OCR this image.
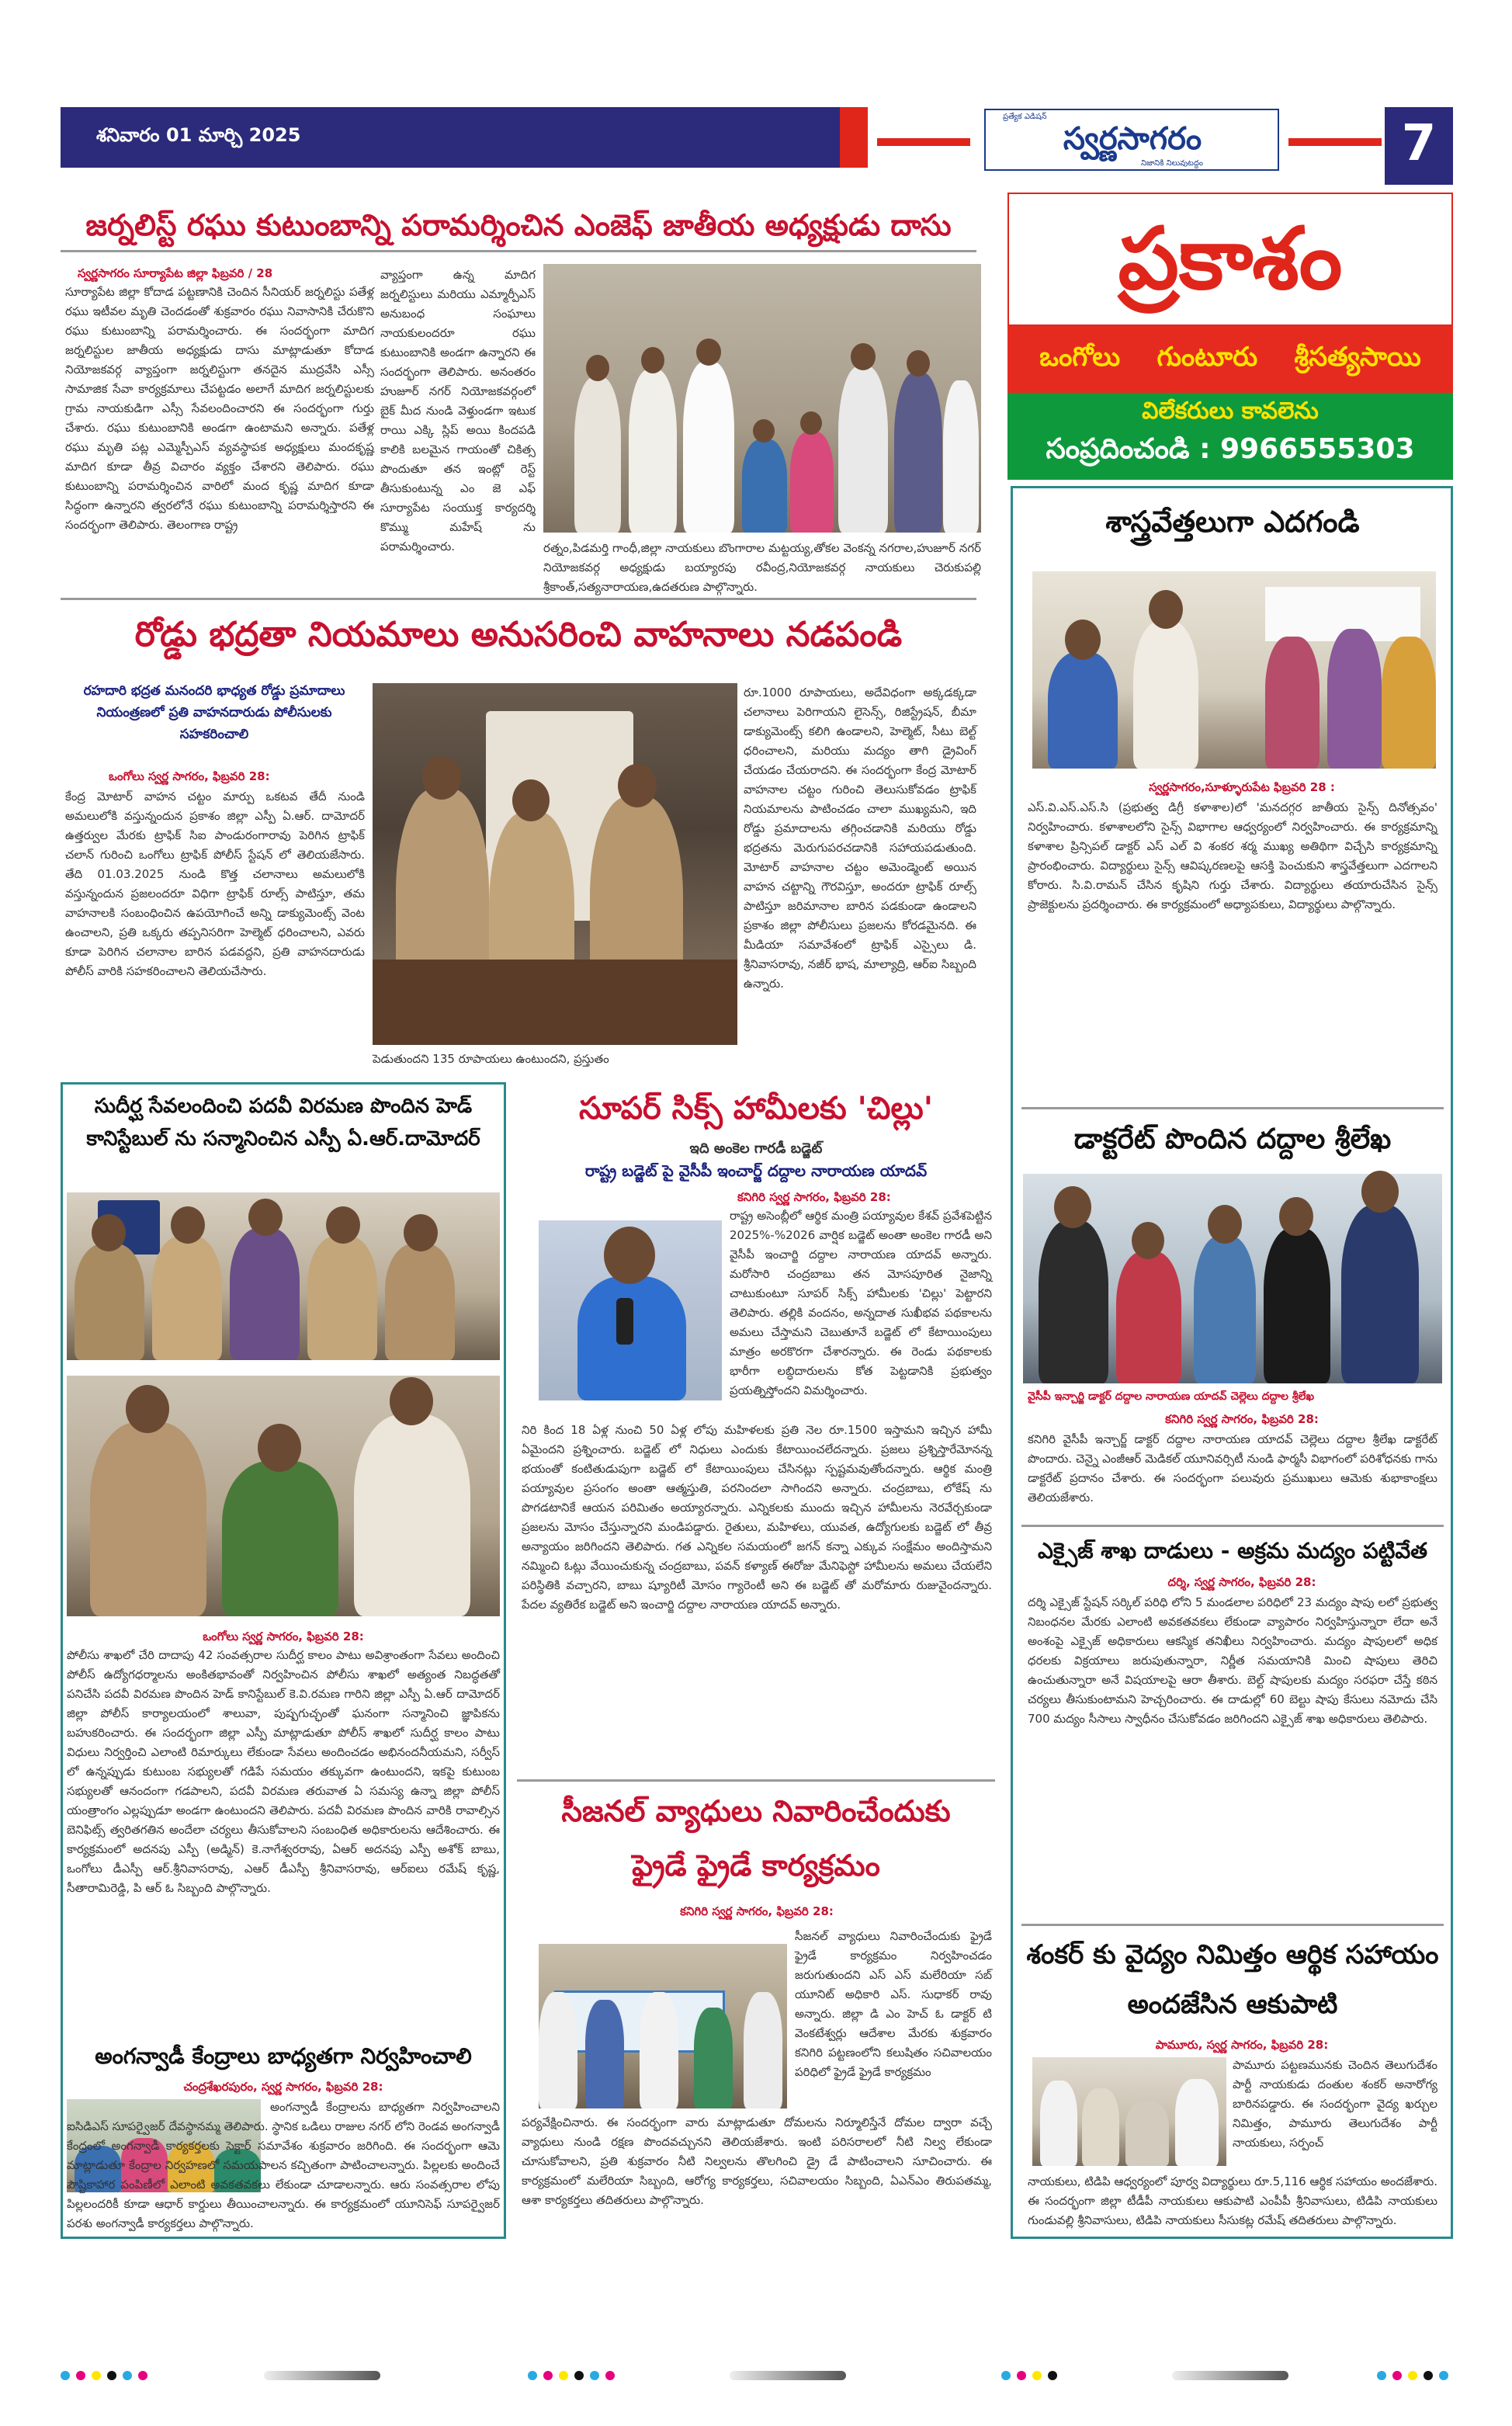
శనివారం 01 మార్చి 2025
ప్రత్యేక ఎడిషన్
స్వర్ణసాగరం
నిజానికి నిలువుటద్దం	7
జర్నలిస్ట్ రఘు కుటుంబాన్ని పరామర్శించిన ఎంజెఫ్ జాతీయ అధ్యక్షుడు దాసు
స్వర్ణసాగరం సూర్యాపేట జిల్లా ఫిబ్రవరి / 28
సూర్యాపేట జిల్లా కోదాడ పట్టణానికి చెందిన సీనియర్ జర్నలిస్టు పతేళ్ల రఘు ఇటీవల మృతి చెందడంతో శుక్రవారం రఘు నివాసానికి చేరుకొని రఘు కుటుంబాన్ని పరామర్శించారు. ఈ సందర్భంగా మాదిగ జర్నలిస్టుల జాతీయ అధ్యక్షుడు దాసు మాట్లాడుతూ కోదాడ నియోజకవర్గ వ్యాప్తంగా జర్నలిస్టుగా తనదైన ముద్రవేసి ఎస్సీ సామాజిక సేవా కార్యక్రమాలు చేపట్టడం అలాగే మాదిగ జర్నలిస్టులకు గ్రామ నాయకుడిగా ఎస్సీ సేవలందించారని ఈ సందర్భంగా గుర్తు చేశారు. రఘు కుటుంబానికి అండగా ఉంటామని అన్నారు. పతేళ్ల రఘు మృతి పట్ల ఎమ్మెస్పీఎస్ వ్యవస్థాపక అధ్యక్షులు మందకృష్ణ మాదిగ కూడా తీవ్ర విచారం వ్యక్తం చేశారని తెలిపారు. రఘు కుటుంబాన్ని పరామర్శించిన వారిలో మంద కృష్ణ మాదిగ కూడా సిద్ధంగా ఉన్నారని త్వరలోనే రఘు కుటుంబాన్ని పరామర్శిస్తారని ఈ సందర్భంగా తెలిపారు. తెలంగాణ రాష్ట్ర
వ్యాప్తంగా ఉన్న మాదిగ జర్నలిస్టులు మరియు ఎమ్మార్పీఎస్ అనుబంధ సంఘాలు నాయకులందరూ రఘు కుటుంబానికి అండగా ఉన్నారని ఈ సందర్భంగా తెలిపారు. అనంతరం హుజూర్ నగర్ నియోజకవర్గంలో బైక్ మీద నుండి వెళ్తుండగా ఇటుక రాయి ఎక్కి స్లిప్ అయి కిందపడి కాలికి బలమైన గాయంతో చికిత్స పొందుతూ తన ఇంట్లో రెస్ట్ తీసుకుంటున్న ఎం జె ఎఫ్ సూర్యాపేట సంయుక్త కార్యదర్శి కొమ్ము మహేష్ ను పరామర్శించారు.	రత్నం,పిడమర్తి గాంధీ,జిల్లా నాయకులు బొంగారాల మట్టయ్య,తోకల వెంకన్న నగరాల,హుజూర్ నగర్ నియోజకవర్గ అధ్యక్షుడు బయ్యారపు రవీంద్ర,నియోజకవర్గ నాయకులు చెరుకుపల్లి శ్రీకాంత్,సత్యనారాయణ,ఉదతరుణ పాల్గొన్నారు.
ప్రకాశం
ఒంగోలు    గుంటూరు    శ్రీసత్యసాయి
విలేకరులు కావలెను
సంప్రదించండి : 9966555303
రోడ్డు భద్రతా నియమాలు అనుసరించి వాహనాలు నడపండి
రహదారి భద్రత మనందరి భాధ్యత రోడ్డు ప్రమాదాలు నియంత్రణలో ప్రతి వాహనదారుడు పోలీసులకు సహకరించాలి
ఒంగోలు స్వర్ణ సాగరం, ఫిబ్రవరి 28:
కేంద్ర మోటార్ వాహన చట్టం మార్పు ఒకటవ తేదీ నుండి అమలులోకి వస్తున్నందున ప్రకాశం జిల్లా ఎస్పీ ఏ.ఆర్. దామోదర్ ఉత్తర్వుల మేరకు ట్రాఫిక్ సిఐ పాండురంగారావు పెరిగిన ట్రాఫిక్ చలాన్ గురించి ఒంగోలు ట్రాఫిక్ పోలీస్ స్టేషన్ లో తెలియజేసారు. తేది 01.03.2025 నుండి కొత్త చలానాలు అమలులోకి వస్తున్నందున ప్రజలందరూ విధిగా ట్రాఫిక్ రూల్స్ పాటిస్తూ, తమ వాహనాలకి సంబంధించిన ఉపయోగించే అన్ని డాక్యుమెంట్స్ వెంట ఉంచాలని, ప్రతి ఒక్కరు తప్పనిసరిగా హెల్మెట్ ధరించాలని, ఎవరు కూడా పెరిగిన చలానాల బారిన పడవద్దని, ప్రతి వాహనదారుడు పోలీస్ వారికి సహకరించాలని తెలియచేసారు.
పెడుతుందని 135 రూపాయలు ఉంటుందని, ప్రస్తుతం
రూ.1000 రూపాయలు, అదేవిధంగా అక్కడక్కడా చలానాలు పెరిగాయని లైసెన్స్, రిజిస్ట్రేషన్, బీమా డాక్యుమెంట్స్ కలిగి ఉండాలని, హెల్మెట్, సీటు బెల్ట్ ధరించాలని, మరియు మద్యం తాగి డ్రైవింగ్ చేయడం చేయరాదని. ఈ సందర్భంగా కేంద్ర మోటార్ వాహనాల చట్టం గురించి తెలుసుకోవడం ట్రాఫిక్ నియమాలను పాటించడం చాలా ముఖ్యమని, ఇది రోడ్డు ప్రమాదాలను తగ్గించడానికి మరియు రోడ్డు భద్రతను మెరుగుపరచడానికి సహాయపడుతుంది. మోటార్ వాహనాల చట్టం అమెండ్మెంట్ అయిన వాహన చట్టాన్ని గౌరవిస్తూ, అందరూ ట్రాఫిక్ రూల్స్ పాటిస్తూ జరిమానాల బారిన పడకుండా ఉండాలని ప్రకాశం జిల్లా పోలీసులు ప్రజలను కోరడమైనది. ఈ మీడియా సమావేశంలో ట్రాఫిక్ ఎస్సైలు డి. శ్రీనివాసరావు, నజీర్ భాష, మాల్యాద్రి, ఆర్ఐ సిబ్బంది ఉన్నారు.
శాస్త్రవేత్తలుగా ఎదగండి
స్వర్ణసాగరం,సూళ్ళూరుపేట ఫిబ్రవరి 28 :
ఎస్.వి.ఎస్.ఎస్.సి (ప్రభుత్వ డిగ్రీ కళాశాల)లో 'మనదగ్గర జాతీయ సైన్స్ దినోత్సవం' నిర్వహించారు. కళాశాలలోని సైన్స్ విభాగాల ఆధ్వర్యంలో నిర్వహించారు. ఈ కార్యక్రమాన్ని కళాశాల ప్రిన్సిపల్ డాక్టర్ ఎస్ ఎల్ వి శంకర శర్మ ముఖ్య అతిథిగా విచ్చేసి కార్యక్రమాన్ని ప్రారంభించారు. విద్యార్థులు సైన్స్ ఆవిష్కరణలపై ఆసక్తి పెంచుకుని శాస్త్రవేత్తలుగా ఎదగాలని కోరారు. సి.వి.రామన్ చేసిన కృషిని గుర్తు చేశారు. విద్యార్థులు తయారుచేసిన సైన్స్ ప్రాజెక్టులను ప్రదర్శించారు. ఈ కార్యక్రమంలో అధ్యాపకులు, విద్యార్థులు పాల్గొన్నారు.
డాక్టరేట్ పొందిన దద్దాల శ్రీలేఖ
వైసీపీ ఇన్చార్జి డాక్టర్ దద్దాల నారాయణ యాదవ్ చెల్లెలు దద్దాల శ్రీలేఖ
కనిగిరి స్వర్ణ సాగరం, ఫిబ్రవరి 28:
కనిగిరి వైసీపీ ఇన్చార్జ్ డాక్టర్ దద్దాల నారాయణ యాదవ్ చెల్లెలు దద్దాల శ్రీలేఖ డాక్టరేట్ పొందారు. చెన్నై ఎంజీఆర్ మెడికల్ యూనివర్సిటీ నుండి ఫార్మసీ విభాగంలో పరిశోధనకు గాను డాక్టరేట్ ప్రదానం చేశారు. ఈ సందర్భంగా పలువురు ప్రముఖులు ఆమెకు శుభాకాంక్షలు తెలియజేశారు.
ఎక్సైజ్ శాఖ దాడులు - అక్రమ మద్యం పట్టివేత
దర్శి, స్వర్ణ సాగరం, ఫిబ్రవరి 28:
దర్శి ఎక్సైజ్ స్టేషన్ సర్కిల్ పరిధి లోని 5 మండలాల పరిధిలో 23 మద్యం షాపు లలో ప్రభుత్వ నిబంధనల మేరకు ఎలాంటి అవకతవకలు లేకుండా వ్యాపారం నిర్వహిస్తున్నారా లేదా అనే అంశంపై ఎక్సైజ్ అధికారులు ఆకస్మిక తనిఖీలు నిర్వహించారు. మద్యం షాపులలో అధిక ధరలకు విక్రయాలు జరుపుతున్నారా, నిర్ణీత సమయానికి మించి షాపులు తెరిచి ఉంచుతున్నారా అనే విషయాలపై ఆరా తీశారు. బెల్ట్ షాపులకు మద్యం సరఫరా చేస్తే కఠిన చర్యలు తీసుకుంటామని హెచ్చరించారు. ఈ దాడుల్లో 60 బెల్టు షాపు కేసులు నమోదు చేసి 700 మద్యం సీసాలు స్వాధీనం చేసుకోవడం జరిగిందని ఎక్సైజ్ శాఖ అధికారులు తెలిపారు.
శంకర్ కు వైద్యం నిమిత్తం ఆర్థిక సహాయం అందజేసిన ఆకుపాటి
పామూరు, స్వర్ణ సాగరం, ఫిబ్రవరి 28:
పామూరు పట్టణమునకు చెందిన తెలుగుదేశం పార్టీ నాయకుడు దంతుల శంకర్ అనారోగ్య బారినపడ్డారు. ఈ సందర్భంగా వైద్య ఖర్చుల నిమిత్తం, పామూరు తెలుగుదేశం పార్టీ నాయకులు, సర్పంచ్
నాయకులు, టిడిపి ఆధ్వర్యంలో పూర్వ విద్యార్థులు రూ.5,116 ఆర్థిక సహాయం అందజేశారు. ఈ సందర్భంగా జిల్లా టీడీపీ నాయకులు ఆకుపాటి ఎంపీపీ శ్రీనివాసులు, టిడిపి నాయకులు గుండువల్లి శ్రీనివాసులు, టిడిపి నాయకులు సీసుకట్ల రమేష్ తదితరులు పాల్గొన్నారు.
సుదీర్ఘ సేవలందించి పదవీ విరమణ పొందిన హెడ్ కానిస్టేబుల్ ను సన్మానించిన ఎస్పీ ఏ.ఆర్.దామోదర్
ఒంగోలు స్వర్ణ సాగరం, ఫిబ్రవరి 28:
పోలీసు శాఖలో చేరి దాదాపు 42 సంవత్సరాల సుదీర్ఘ కాలం పాటు అవిశ్రాంతంగా సేవలు అందించి పోలీస్ ఉద్యోగధర్మాలను అంకితభావంతో నిర్వహించిన పోలీసు శాఖలో అత్యంత నిబద్ధతతో పనిచేసి పదవీ విరమణ పొందిన హెడ్ కానిస్టేబుల్ కె.వి.రమణ గారిని జిల్లా ఎస్పీ ఏ.ఆర్ దామోదర్ జిల్లా పోలీస్ కార్యాలయంలో శాలువా, పుష్పగుచ్ఛంతో ఘనంగా సన్మానించి జ్ఞాపికను బహుకరించారు. ఈ సందర్భంగా జిల్లా ఎస్పీ మాట్లాడుతూ పోలీస్ శాఖలో సుదీర్ఘ కాలం పాటు విధులు నిర్వర్తించి ఎలాంటి రిమార్కులు లేకుండా సేవలు అందించడం అభినందనీయమని, సర్వీస్ లో ఉన్నప్పుడు కుటుంబ సభ్యులతో గడిపే సమయం తక్కువగా ఉంటుందని, ఇకపై కుటుంబ సభ్యులతో ఆనందంగా గడపాలని, పదవీ విరమణ తరువాత ఏ సమస్య ఉన్నా జిల్లా పోలీస్ యంత్రాంగం ఎల్లప్పుడూ అండగా ఉంటుందని తెలిపారు. పదవీ విరమణ పొందిన వారికి రావాల్సిన బెనిఫిట్స్ త్వరితగతిన అందేలా చర్యలు తీసుకోవాలని సంబంధిత అధికారులను ఆదేశించారు. ఈ కార్యక్రమంలో అదనపు ఎస్పీ (అడ్మిన్) కె.నాగేశ్వరరావు, ఏఆర్ అదనపు ఎస్పీ అశోక్ బాబు, ఒంగోలు డీఎస్పీ ఆర్.శ్రీనివాసరావు, ఎఆర్ డీఎస్పీ శ్రీనివాసరావు, ఆర్ఐలు రమేష్ కృష్ణ, సీతారామిరెడ్డి, పి ఆర్ ఓ సిబ్బంది పాల్గొన్నారు.
అంగన్వాడీ కేంద్రాలు బాధ్యతగా నిర్వహించాలి
చంద్రశేఖరపురం, స్వర్ణ సాగరం, ఫిబ్రవరి 28:
అంగన్వాడీ కేంద్రాలను బాధ్యతగా నిర్వహించాలని ఐసిడిఎస్ సూపర్వైజర్ దేవస్థానమ్మ తెలిపారు. స్థానిక ఒడిలు రాజుల నగర్ లోని రెండవ అంగన్వాడీ కేంద్రంలో అంగన్వాడీ కార్యకర్తలకు సెక్టార్ సమావేశం శుక్రవారం జరిగింది. ఈ సందర్భంగా ఆమె మాట్లాడుతూ కేంద్రాల నిర్వహణలో సమయపాలన కచ్చితంగా పాటించాలన్నారు. పిల్లలకు అందించే పౌష్టికాహార పంపిణీలో ఎలాంటి అవకతవకలు లేకుండా చూడాలన్నారు. ఆరు సంవత్సరాల లోపు పిల్లలందరికీ కూడా ఆధార్ కార్డులు తీయించాలన్నారు. ఈ కార్యక్రమంలో యూనిసెఫ్ సూపర్వైజర్ పరశు అంగన్వాడీ కార్యకర్తలు పాల్గొన్నారు.
సూపర్ సిక్స్ హామీలకు 'చిల్లు'
ఇది అంకెల గారడీ బడ్జెట్
రాష్ట్ర బడ్జెట్ పై వైసీపీ ఇంచార్జ్ దద్దాల నారాయణ యాదవ్
కనిగిరి స్వర్ణ సాగరం, ఫిబ్రవరి 28:
రాష్ట్ర అసెంబ్లీలో ఆర్థిక మంత్రి పయ్యావుల కేశవ్ ప్రవేశపెట్టిన 2025%-%2026 వార్షిక బడ్జెట్ అంతా అంకెల గారడీ అని వైసీపీ ఇంచార్జి దద్దాల నారాయణ యాదవ్ అన్నారు. మరోసారి చంద్రబాబు తన మోసపూరిత నైజాన్ని చాటుకుంటూ సూపర్ సిక్స్ హామీలకు 'చిల్లు' పెట్టారని తెలిపారు. తల్లికి వందనం, అన్నదాత సుఖీభవ పథకాలను అమలు చేస్తామని చెబుతూనే బడ్జెట్ లో కేటాయింపులు మాత్రం అరకొరగా చేశారన్నారు. ఈ రెండు పథకాలకు భారీగా లబ్ధిదారులను కోత పెట్టడానికి ప్రభుత్వం ప్రయత్నిస్తోందని విమర్శించారు.
నిరి కింద 18 ఏళ్ల నుంచి 50 ఏళ్ల లోపు మహిళలకు ప్రతి నెల రూ.1500 ఇస్తామని ఇచ్చిన హామీ ఏమైందని ప్రశ్నించారు. బడ్జెట్ లో నిధులు ఎందుకు కేటాయించలేదన్నారు. ప్రజలు ప్రశ్నిస్తారేమోనన్న భయంతో కంటితుడుపుగా బడ్జెట్ లో కేటాయింపులు చేసినట్లు స్పష్టమవుతోందన్నారు. ఆర్థిక మంత్రి పయ్యావుల ప్రసంగం అంతా ఆత్మస్తుతి, పరనిందలా సాగిందని అన్నారు. చంద్రబాబు, లోకేష్ ను పొగడటానికే ఆయన పరిమితం అయ్యారన్నారు. ఎన్నికలకు ముందు ఇచ్చిన హామీలను నెరవేర్చకుండా ప్రజలను మోసం చేస్తున్నారని మండిపడ్డారు. రైతులు, మహిళలు, యువత, ఉద్యోగులకు బడ్జెట్ లో తీవ్ర అన్యాయం జరిగిందని తెలిపారు. గత ఎన్నికల సమయంలో జగన్ కన్నా ఎక్కువ సంక్షేమం అందిస్తామని నమ్మించి ఓట్లు వేయించుకున్న చంద్రబాబు, పవన్ కళ్యాణ్ ఈరోజు మేనిఫెస్టో హామీలను అమలు చేయలేని పరిస్థితికి వచ్చారని, బాబు ష్యూరిటీ మోసం గ్యారెంటీ అని ఈ బడ్జెట్ తో మరోమారు రుజువైందన్నారు. పేదల వ్యతిరేక బడ్జెట్ అని ఇంచార్జి దద్దాల నారాయణ యాదవ్ అన్నారు.
సీజనల్ వ్యాధులు నివారించేందుకు
ఫ్రైడే ఫ్రైడే కార్యక్రమం
కనిగిరి స్వర్ణ సాగరం, ఫిబ్రవరి 28:
సీజనల్ వ్యాధులు నివారించేందుకు ఫ్రైడే ఫ్రైడే కార్యక్రమం నిర్వహించడం జరుగుతుందని ఎస్ ఎస్ మలేరియా సబ్ యూనిట్ అధికారి ఎస్. సుధాకర్ రావు అన్నారు. జిల్లా డి ఎం హెచ్ ఓ డాక్టర్ టి వెంకటేశ్వర్లు ఆదేశాల మేరకు శుక్రవారం కనిగిరి పట్టణంలోని కలుషితం సచివాలయం పరిధిలో ఫ్రైడే ఫ్రైడే కార్యక్రమం
పర్యవేక్షించినారు. ఈ సందర్భంగా వారు మాట్లాడుతూ దోమలను నిర్మూలిస్తేనే దోమల ద్వారా వచ్చే వ్యాధులు నుండి రక్షణ పొందవచ్చునని తెలియజేశారు. ఇంటి పరిసరాలలో నీటి నిల్వ లేకుండా చూసుకోవాలని, ప్రతి శుక్రవారం నీటి నిల్వలను తొలగించి డ్రై డే పాటించాలని సూచించారు. ఈ కార్యక్రమంలో మలేరియా సిబ్బంది, ఆరోగ్య కార్యకర్తలు, సచివాలయం సిబ్బంది, ఏఎన్ఎం తిరుపతమ్మ, ఆశా కార్యకర్తలు తదితరులు పాల్గొన్నారు.
